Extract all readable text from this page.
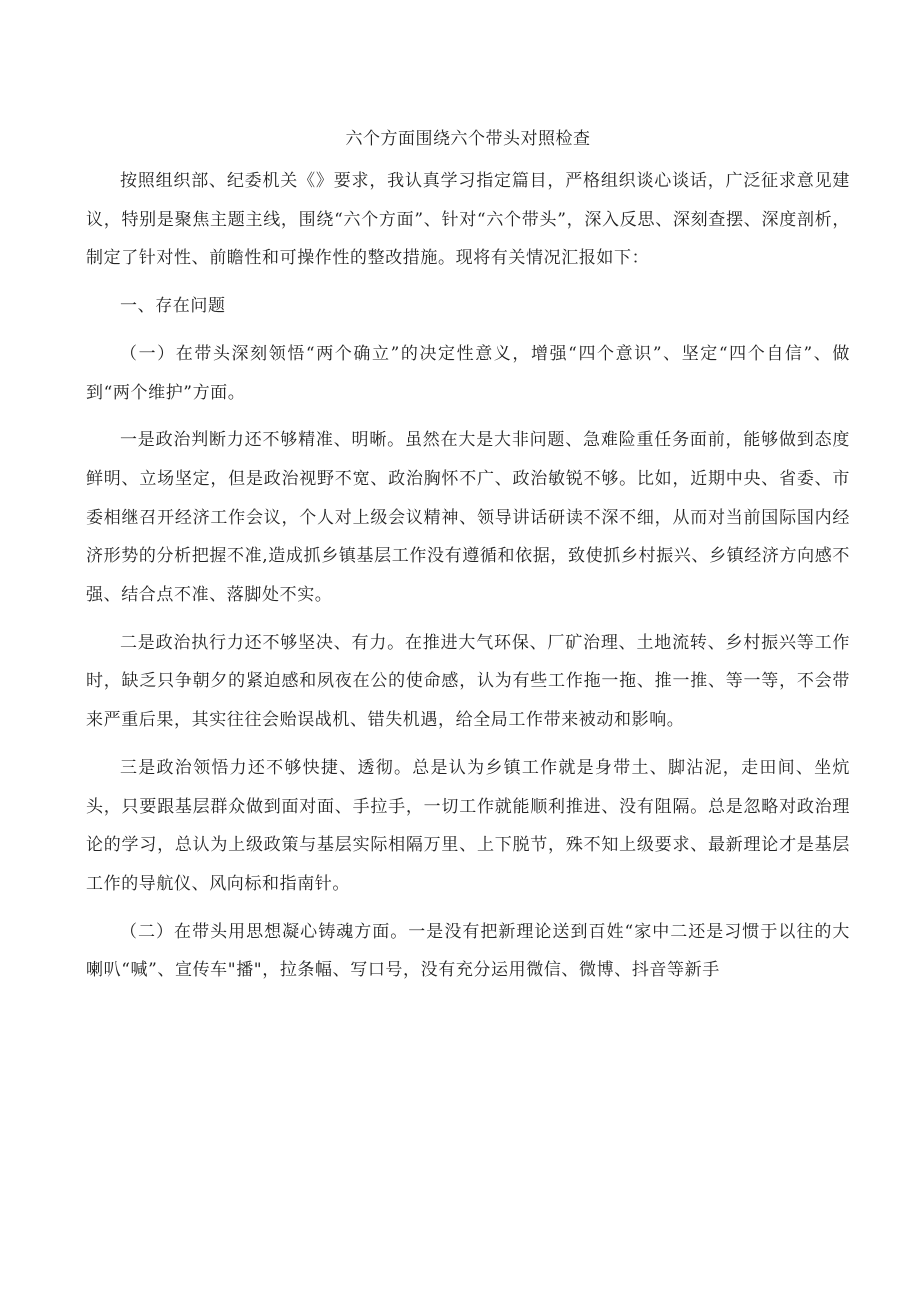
六个方面围绕六个带头对照检查

按照组织部、纪委机关《》要求，我认真学习指定篇目，严格组织谈心谈话，广泛征求意见建议，特别是聚焦主题主线，围绕“六个方面”、针对“六个带头”，深入反思、深刻查摆、深度剖析，制定了针对性、前瞻性和可操作性的整改措施。现将有关情况汇报如下：

一、存在问题

（一）在带头深刻领悟“两个确立”的决定性意义，增强“四个意识”、坚定“四个自信”、做到“两个维护”方面。

一是政治判断力还不够精准、明晰。虽然在大是大非问题、急难险重任务面前，能够做到态度鲜明、立场坚定，但是政治视野不宽、政治胸怀不广、政治敏锐不够。比如，近期中央、省委、市委相继召开经济工作会议，个人对上级会议精神、领导讲话研读不深不细，从而对当前国际国内经济形势的分析把握不准,造成抓乡镇基层工作没有遵循和依据，致使抓乡村振兴、乡镇经济方向感不强、结合点不准、落脚处不实。

二是政治执行力还不够坚决、有力。在推进大气环保、厂矿治理、土地流转、乡村振兴等工作时，缺乏只争朝夕的紧迫感和夙夜在公的使命感，认为有些工作拖一拖、推一推、等一等，不会带来严重后果，其实往往会贻误战机、错失机遇，给全局工作带来被动和影响。

三是政治领悟力还不够快捷、透彻。总是认为乡镇工作就是身带土、脚沾泥，走田间、坐炕头，只要跟基层群众做到面对面、手拉手，一切工作就能顺利推进、没有阻隔。总是忽略对政治理论的学习，总认为上级政策与基层实际相隔万里、上下脱节，殊不知上级要求、最新理论才是基层工作的导航仪、风向标和指南针。

（二）在带头用思想凝心铸魂方面。一是没有把新理论送到百姓“家中二还是习惯于以往的大喇叭“喊”、宣传车"播"，拉条幅、写口号，没有充分运用微信、微博、抖音等新手
